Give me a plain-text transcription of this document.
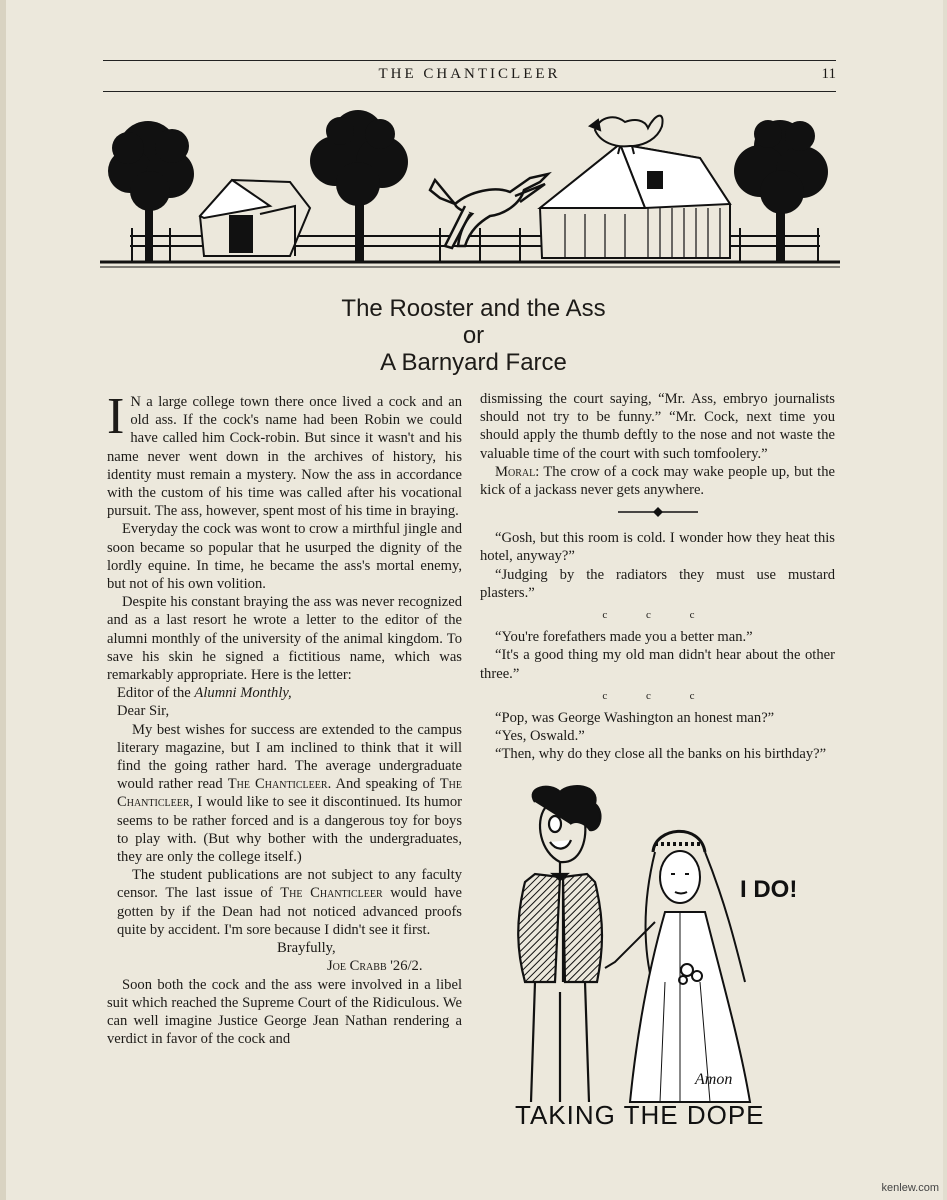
THE CHANTICLEER	11
The Rooster and the Ass
or
A Barnyard Farce

I N a large college town there once lived a cock and an old ass. If the cock's name had been Robin we could have called him Cock-robin. But since it wasn't and his name never went down in the archives of history, his identity must remain a mystery. Now the ass in accordance with the custom of his time was called after his vocational pursuit. The ass, however, spent most of his time in braying.

Everyday the cock was wont to crow a mirthful jingle and soon became so popular that he usurped the dignity of the lordly equine. In time, he became the ass's mortal enemy, but not of his own volition.

Despite his constant braying the ass was never recognized and as a last resort he wrote a letter to the editor of the alumni monthly of the university of the animal kingdom. To save his skin he signed a fictitious name, which was remarkably appropriate. Here is the letter:

Editor of the Alumni Monthly,

Dear Sir,

My best wishes for success are extended to the campus literary magazine, but I am inclined to think that it will find the going rather hard. The average undergraduate would rather read The Chanticleer. And speaking of The Chanticleer, I would like to see it discontinued. Its humor seems to be rather forced and is a dangerous toy for boys to play with. (But why bother with the undergraduates, they are only the college itself.)

The student publications are not subject to any faculty censor. The last issue of The Chanticleer would have gotten by if the Dean had not noticed advanced proofs quite by accident. I'm sore because I didn't see it first.

Brayfully,

Joe Crabb '26/2.

Soon both the cock and the ass were involved in a libel suit which reached the Supreme Court of the Ridiculous. We can well imagine Justice George Jean Nathan rendering a verdict in favor of the cock and

dismissing the court saying, “Mr. Ass, embryo journalists should not try to be funny.” “Mr. Cock, next time you should apply the thumb deftly to the nose and not waste the valuable time of the court with such tomfoolery.”

Moral: The crow of a cock may wake people up, but the kick of a jackass never gets anywhere.

“Gosh, but this room is cold. I wonder how they heat this hotel, anyway?”

“Judging by the radiators they must use mustard plasters.”

c c c

“You're forefathers made you a better man.”

“It's a good thing my old man didn't hear about the other three.”

c c c

“Pop, was George Washington an honest man?”

“Yes, Oswald.”

“Then, why do they close all the banks on his birthday?”

I DO!
Amon
TAKING THE DOPE
kenlew.com
